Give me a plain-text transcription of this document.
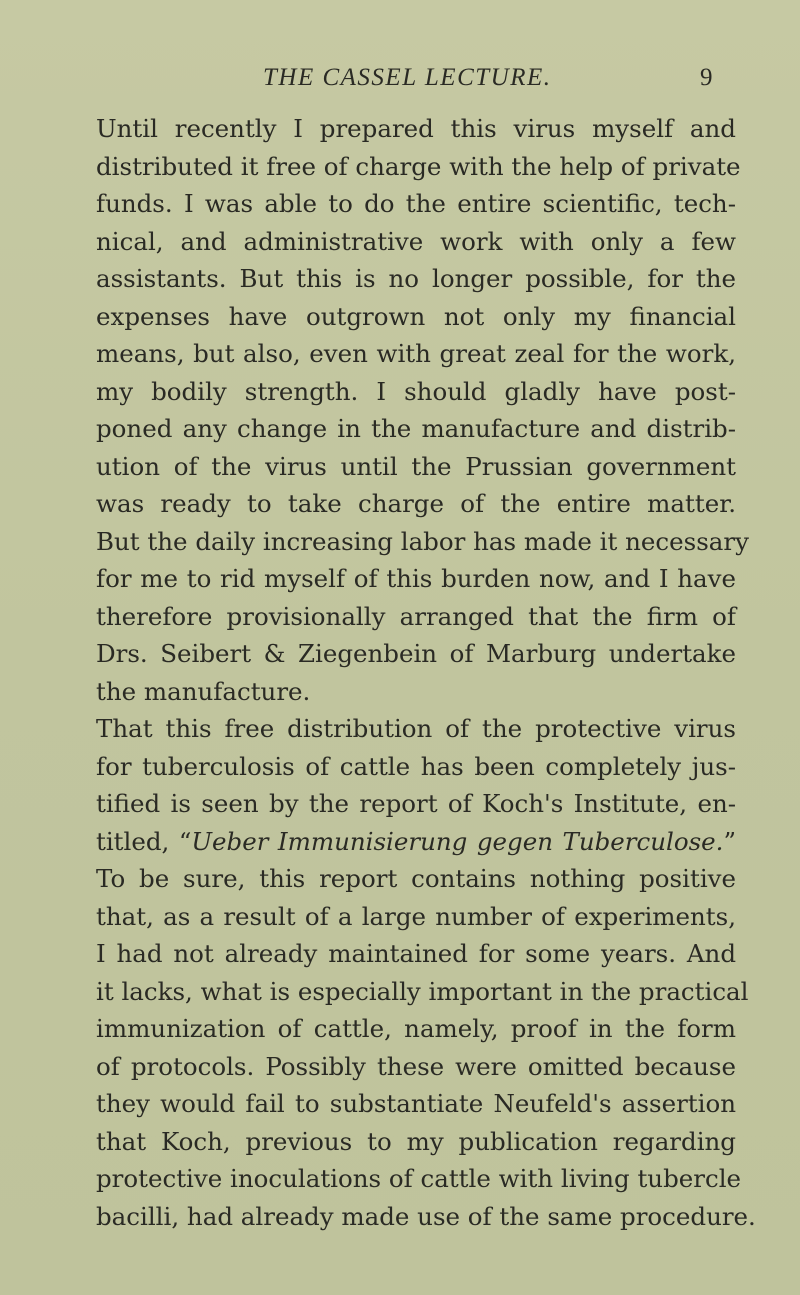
THE CASSEL LECTURE.	9
Until recently I prepared this virus myself and
distributed it free of charge with the help of private
funds. I was able to do the entire scientific, tech-
nical, and administrative work with only a few
assistants. But this is no longer possible, for the
expenses have outgrown not only my financial
means, but also, even with great zeal for the work,
my bodily strength. I should gladly have post-
poned any change in the manufacture and distrib-
ution of the virus until the Prussian government
was ready to take charge of the entire matter.
But the daily increasing labor has made it necessary
for me to rid myself of this burden now, and I have
therefore provisionally arranged that the firm of
Drs. Seibert & Ziegenbein of Marburg undertake
the manufacture.
That this free distribution of the protective virus
for tuberculosis of cattle has been completely jus-
tified is seen by the report of Koch's Institute, en-
titled, “Ueber Immunisierung gegen Tuberculose.”
To be sure, this report contains nothing positive
that, as a result of a large number of experiments,
I had not already maintained for some years. And
it lacks, what is especially important in the practical
immunization of cattle, namely, proof in the form
of protocols. Possibly these were omitted because
they would fail to substantiate Neufeld's assertion
that Koch, previous to my publication regarding
protective inoculations of cattle with living tubercle
bacilli, had already made use of the same procedure.
